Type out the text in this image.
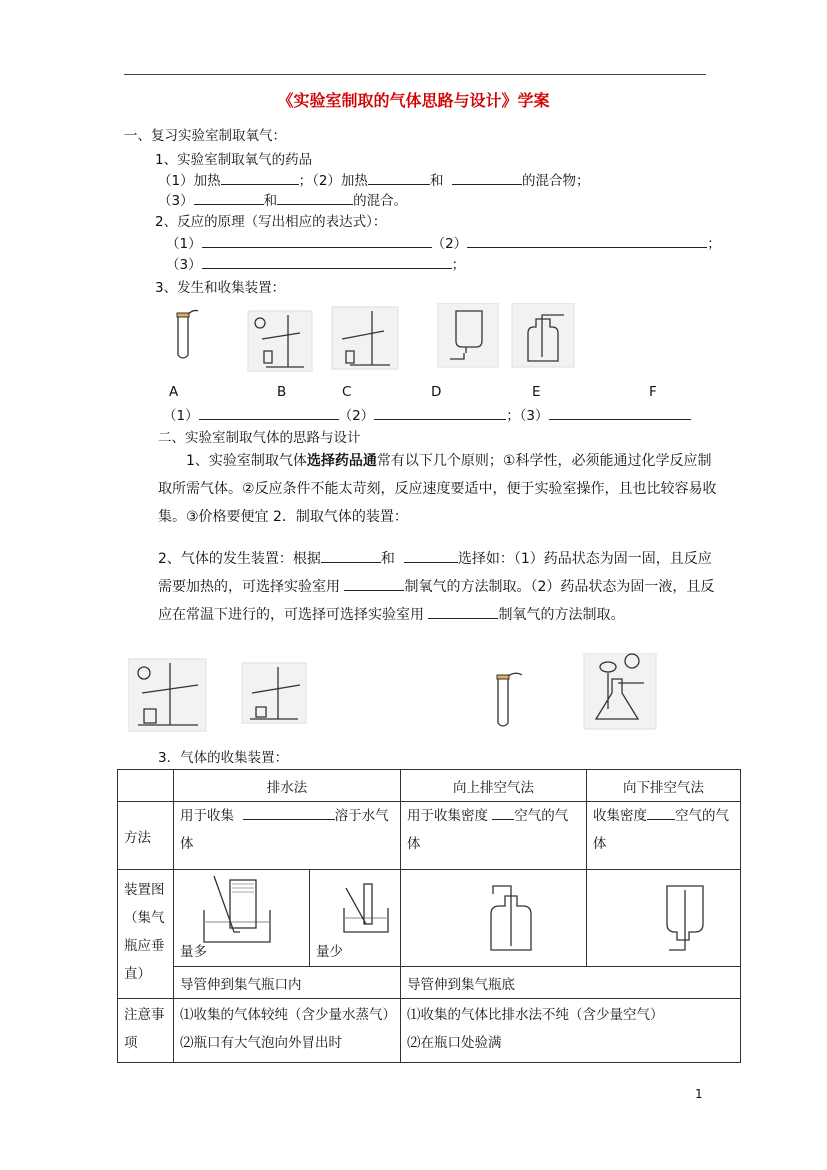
《实验室制取的气体思路与设计》学案
一、复习实验室制取氧气：
1、实验室制取氧气的药品
（1）加热	；（2）加热	和	的混合物；
（3）	和	的混合。
2、反应的原理（写出相应的表达式）：
（1）	（2）	；
（3）	；
3、发生和收集装置：
A	B	C	D	E	F
（1）	（2）	；（3）
二、实验室制取气体的思路与设计
1、实验室制取气体选择药品通常有以下几个原则；①科学性，必须能通过化学反应制取所需气体。②反应条件不能太苛刻，反应速度要适中，便于实验室操作，且也比较容易收集。③价格要便宜 2．制取气体的装置：
2、气体的发生装置：根据	和	选择如：（1）药品状态为固一固，且反应需要加热的，可选择实验室用	制氧气的方法制取。（2）药品状态为固一液，且反应在常温下进行的，可选择可选择实验室用	制氧气的方法制取。
3．气体的收集装置：
	排水法		向上排空气法	向下排空气法
方法	用于收集 溶于水气体		用于收集密度 空气的气体	收集密度 空气的气体
装置图（集气瓶应垂直）	量多	量少

	导管伸到集气瓶口内		导管伸到集气瓶底	
注意事项	⑴收集的气体较纯（含少量水蒸气）⑵瓶口有大气泡向外冒出时		⑴收集的气体比排水法不纯（含少量空气）
⑵在瓶口处验满	
1
